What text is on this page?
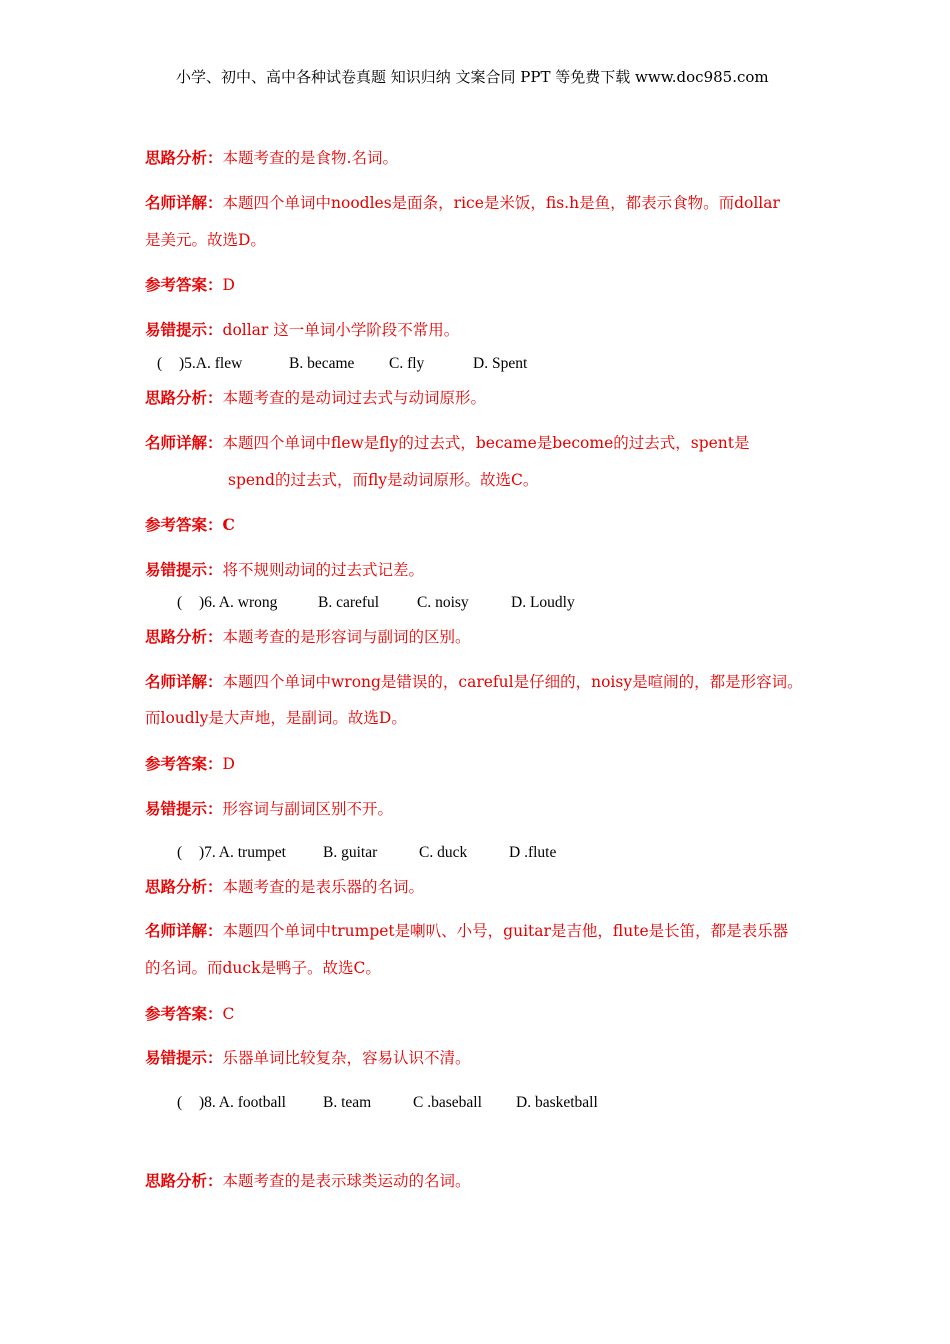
小学、初中、高中各种试卷真题 知识归纳 文案合同 PPT 等免费下载 www.doc985.com
思路分析：本题考查的是食物.名词。
名师详解：本题四个单词中noodles是面条，rice是米饭，fis.h是鱼，都表示食物。而dollar
是美元。故选D。
参考答案：D
易错提示：dollar 这一单词小学阶段不常用。
( )5.A. flew	B. became C. fly	D. Spent
思路分析：本题考查的是动词过去式与动词原形。
名师详解：本题四个单词中flew是fly的过去式，became是become的过去式，spent是
spend的过去式，而fly是动词原形。故选C。
参考答案：C
易错提示：将不规则动词的过去式记差。
( )6. A. wrong	B. careful C. noisy	D. Loudly
思路分析：本题考查的是形容词与副词的区别。
名师详解：本题四个单词中wrong是错误的，careful是仔细的，noisy是喧闹的，都是形容词。
而loudly是大声地，是副词。故选D。
参考答案：D
易错提示：形容词与副词区别不开。
( )7. A. trumpet B. guitar	C. duck	D .flute
思路分析：本题考查的是表乐器的名词。
名师详解：本题四个单词中trumpet是喇叭、小号，guitar是吉他，flute是长笛，都是表乐器
的名词。而duck是鸭子。故选C。
参考答案：C
易错提示：乐器单词比较复杂，容易认识不清。
( )8. A. football B. team	C .baseball D. basketball
思路分析：本题考查的是表示球类运动的名词。
